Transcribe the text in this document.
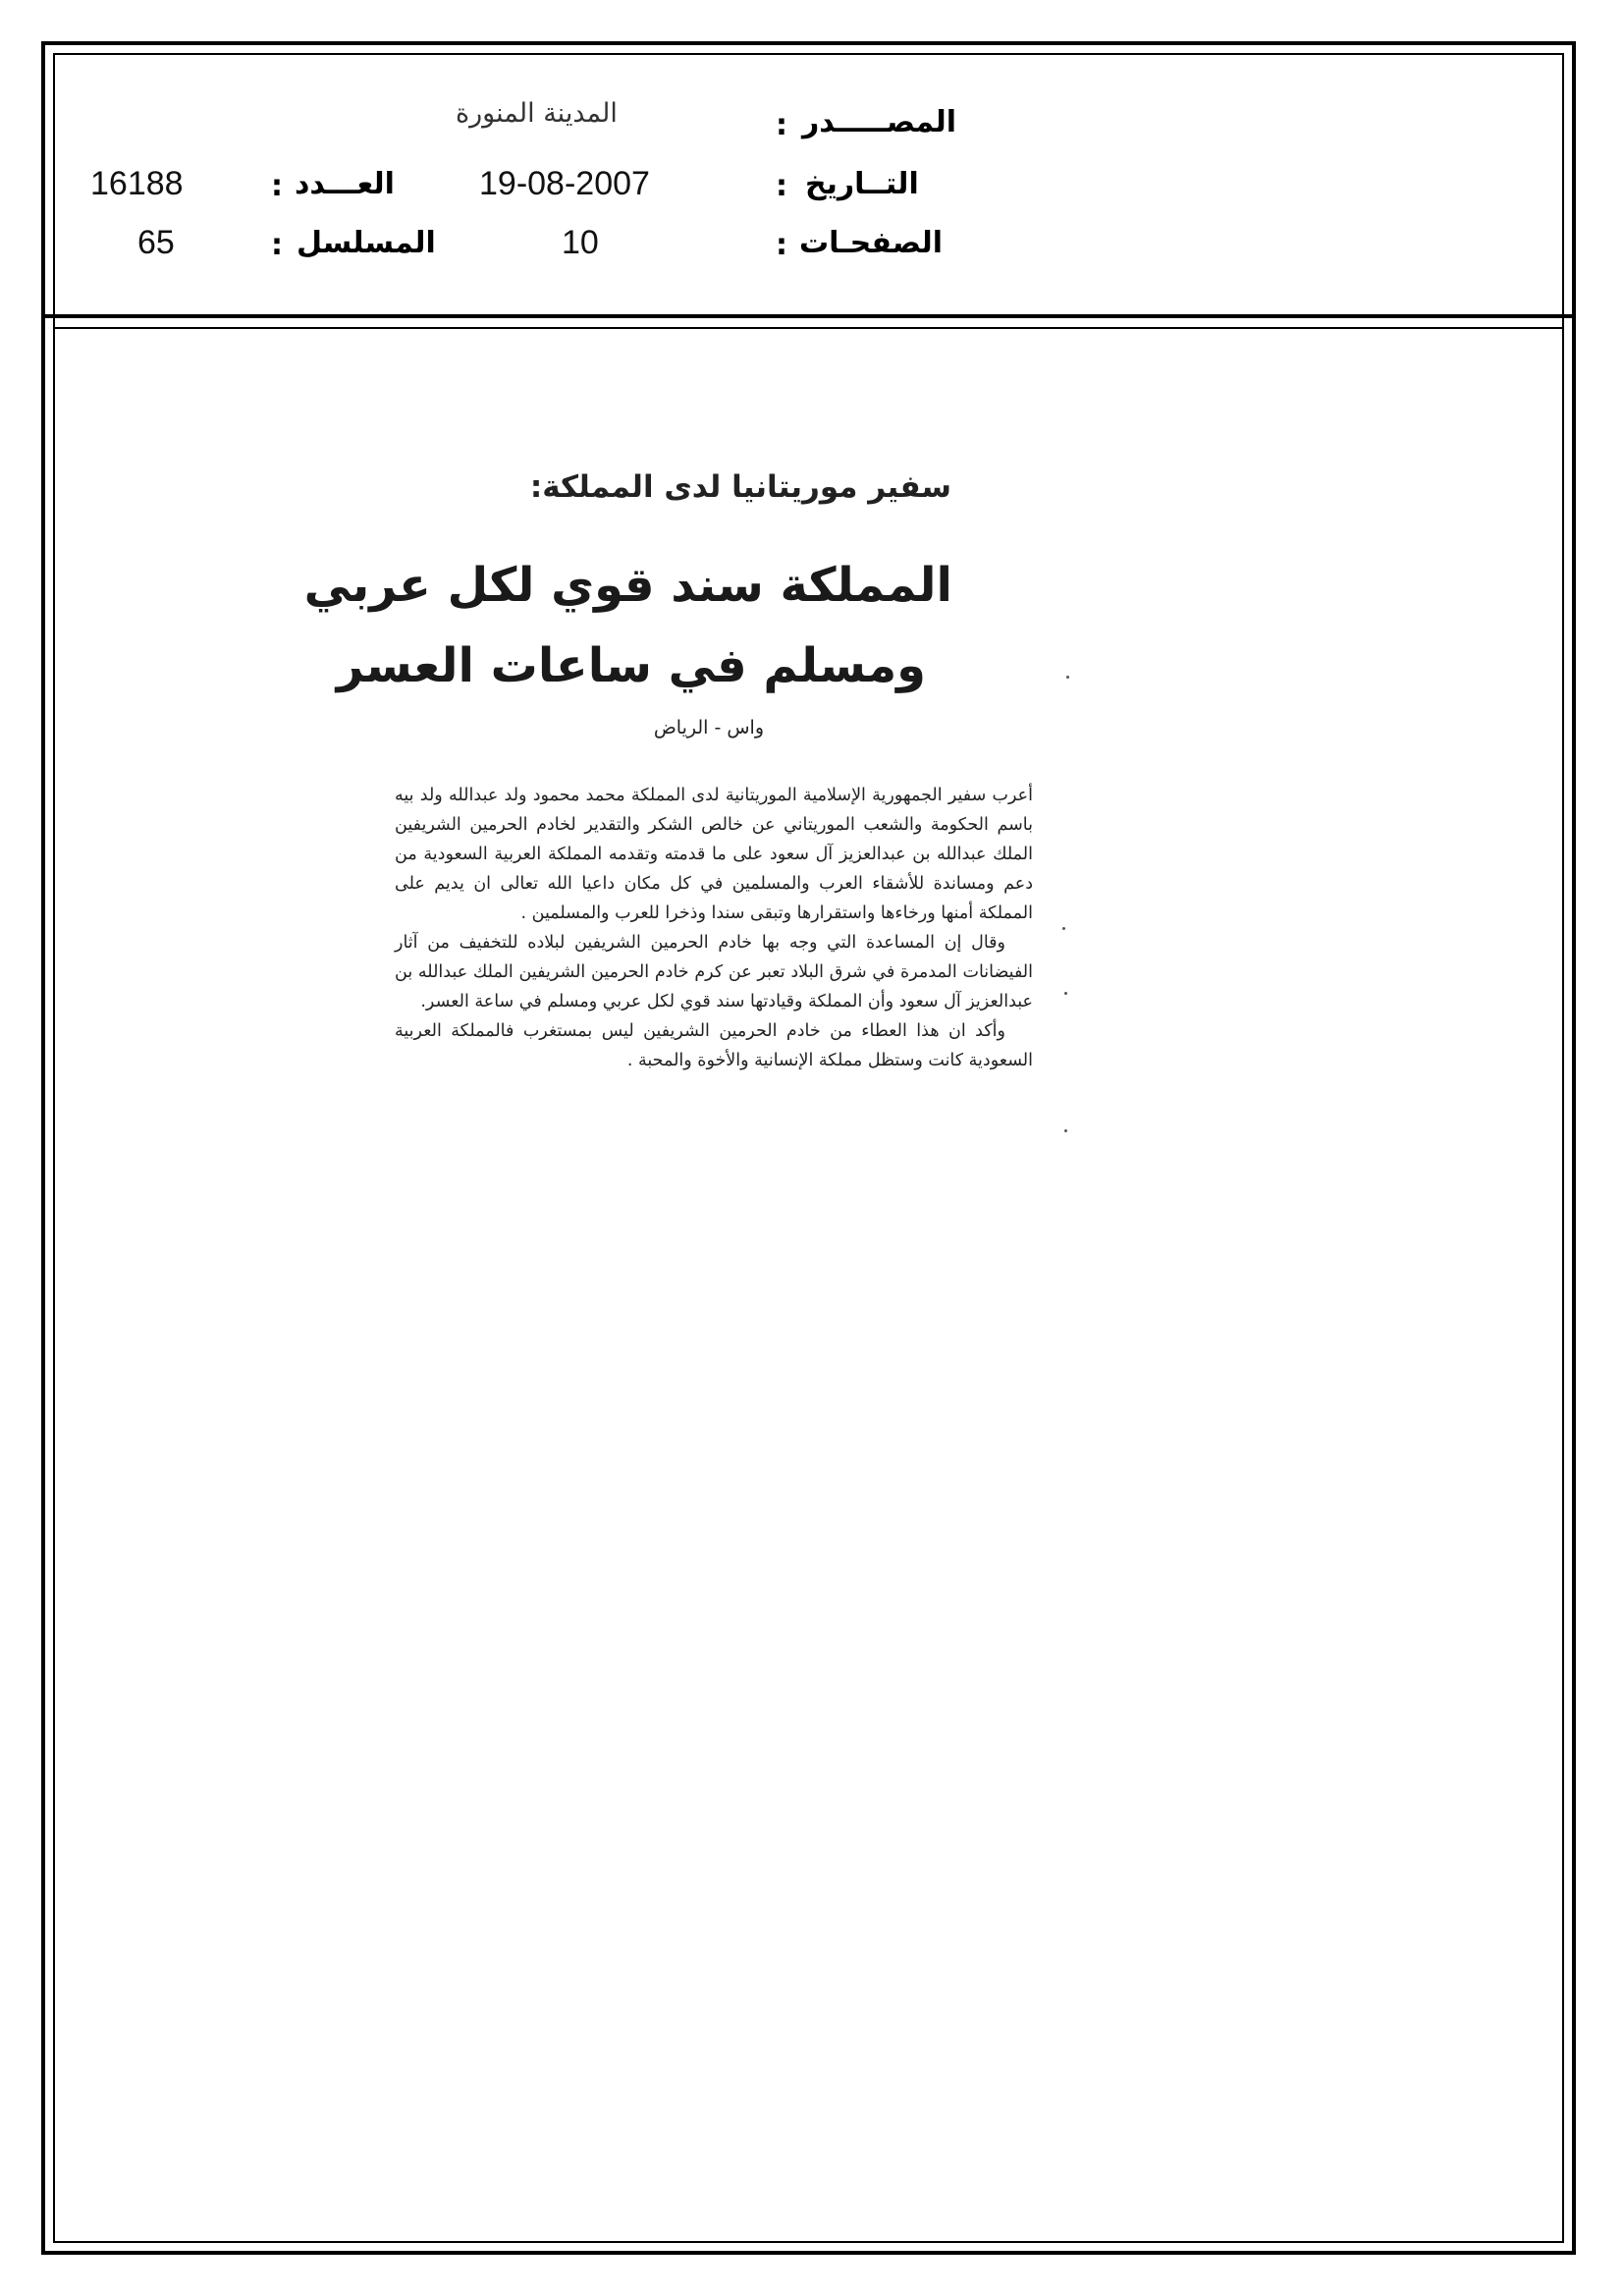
المصـــــدر
:
المدينة المنورة
التــاريخ
:
19-08-2007
الصفحـات
:
10
16188	: العـــدد
65	: المسلسل
سفير موريتانيا لدى المملكة:
المملكة سند قوي لكل عربي
ومسلم في ساعات العسر
واس - الرياض

أعرب سفير الجمهورية الإسلامية الموريتانية لدى المملكة محمد محمود ولد عبدالله ولد بيه باسم الحكومة والشعب الموريتاني عن خالص الشكر والتقدير لخادم الحرمين الشريفين الملك عبدالله بن عبدالعزيز آل سعود على ما قدمته وتقدمه المملكة العربية السعودية من دعم ومساندة للأشقاء العرب والمسلمين في كل مكان داعيا الله تعالى ان يديم على المملكة أمنها ورخاءها واستقرارها وتبقى سندا وذخرا للعرب والمسلمين .

وقال إن المساعدة التي وجه بها خادم الحرمين الشريفين لبلاده للتخفيف من آثار الفيضانات المدمرة في شرق البلاد تعبر عن كرم خادم الحرمين الشريفين الملك عبدالله بن عبدالعزيز آل سعود وأن المملكة وقيادتها سند قوي لكل عربي ومسلم في ساعة العسر.

وأكد ان هذا العطاء من خادم الحرمين الشريفين ليس بمستغرب فالمملكة العربية السعودية كانت وستظل مملكة الإنسانية والأخوة والمحبة .
